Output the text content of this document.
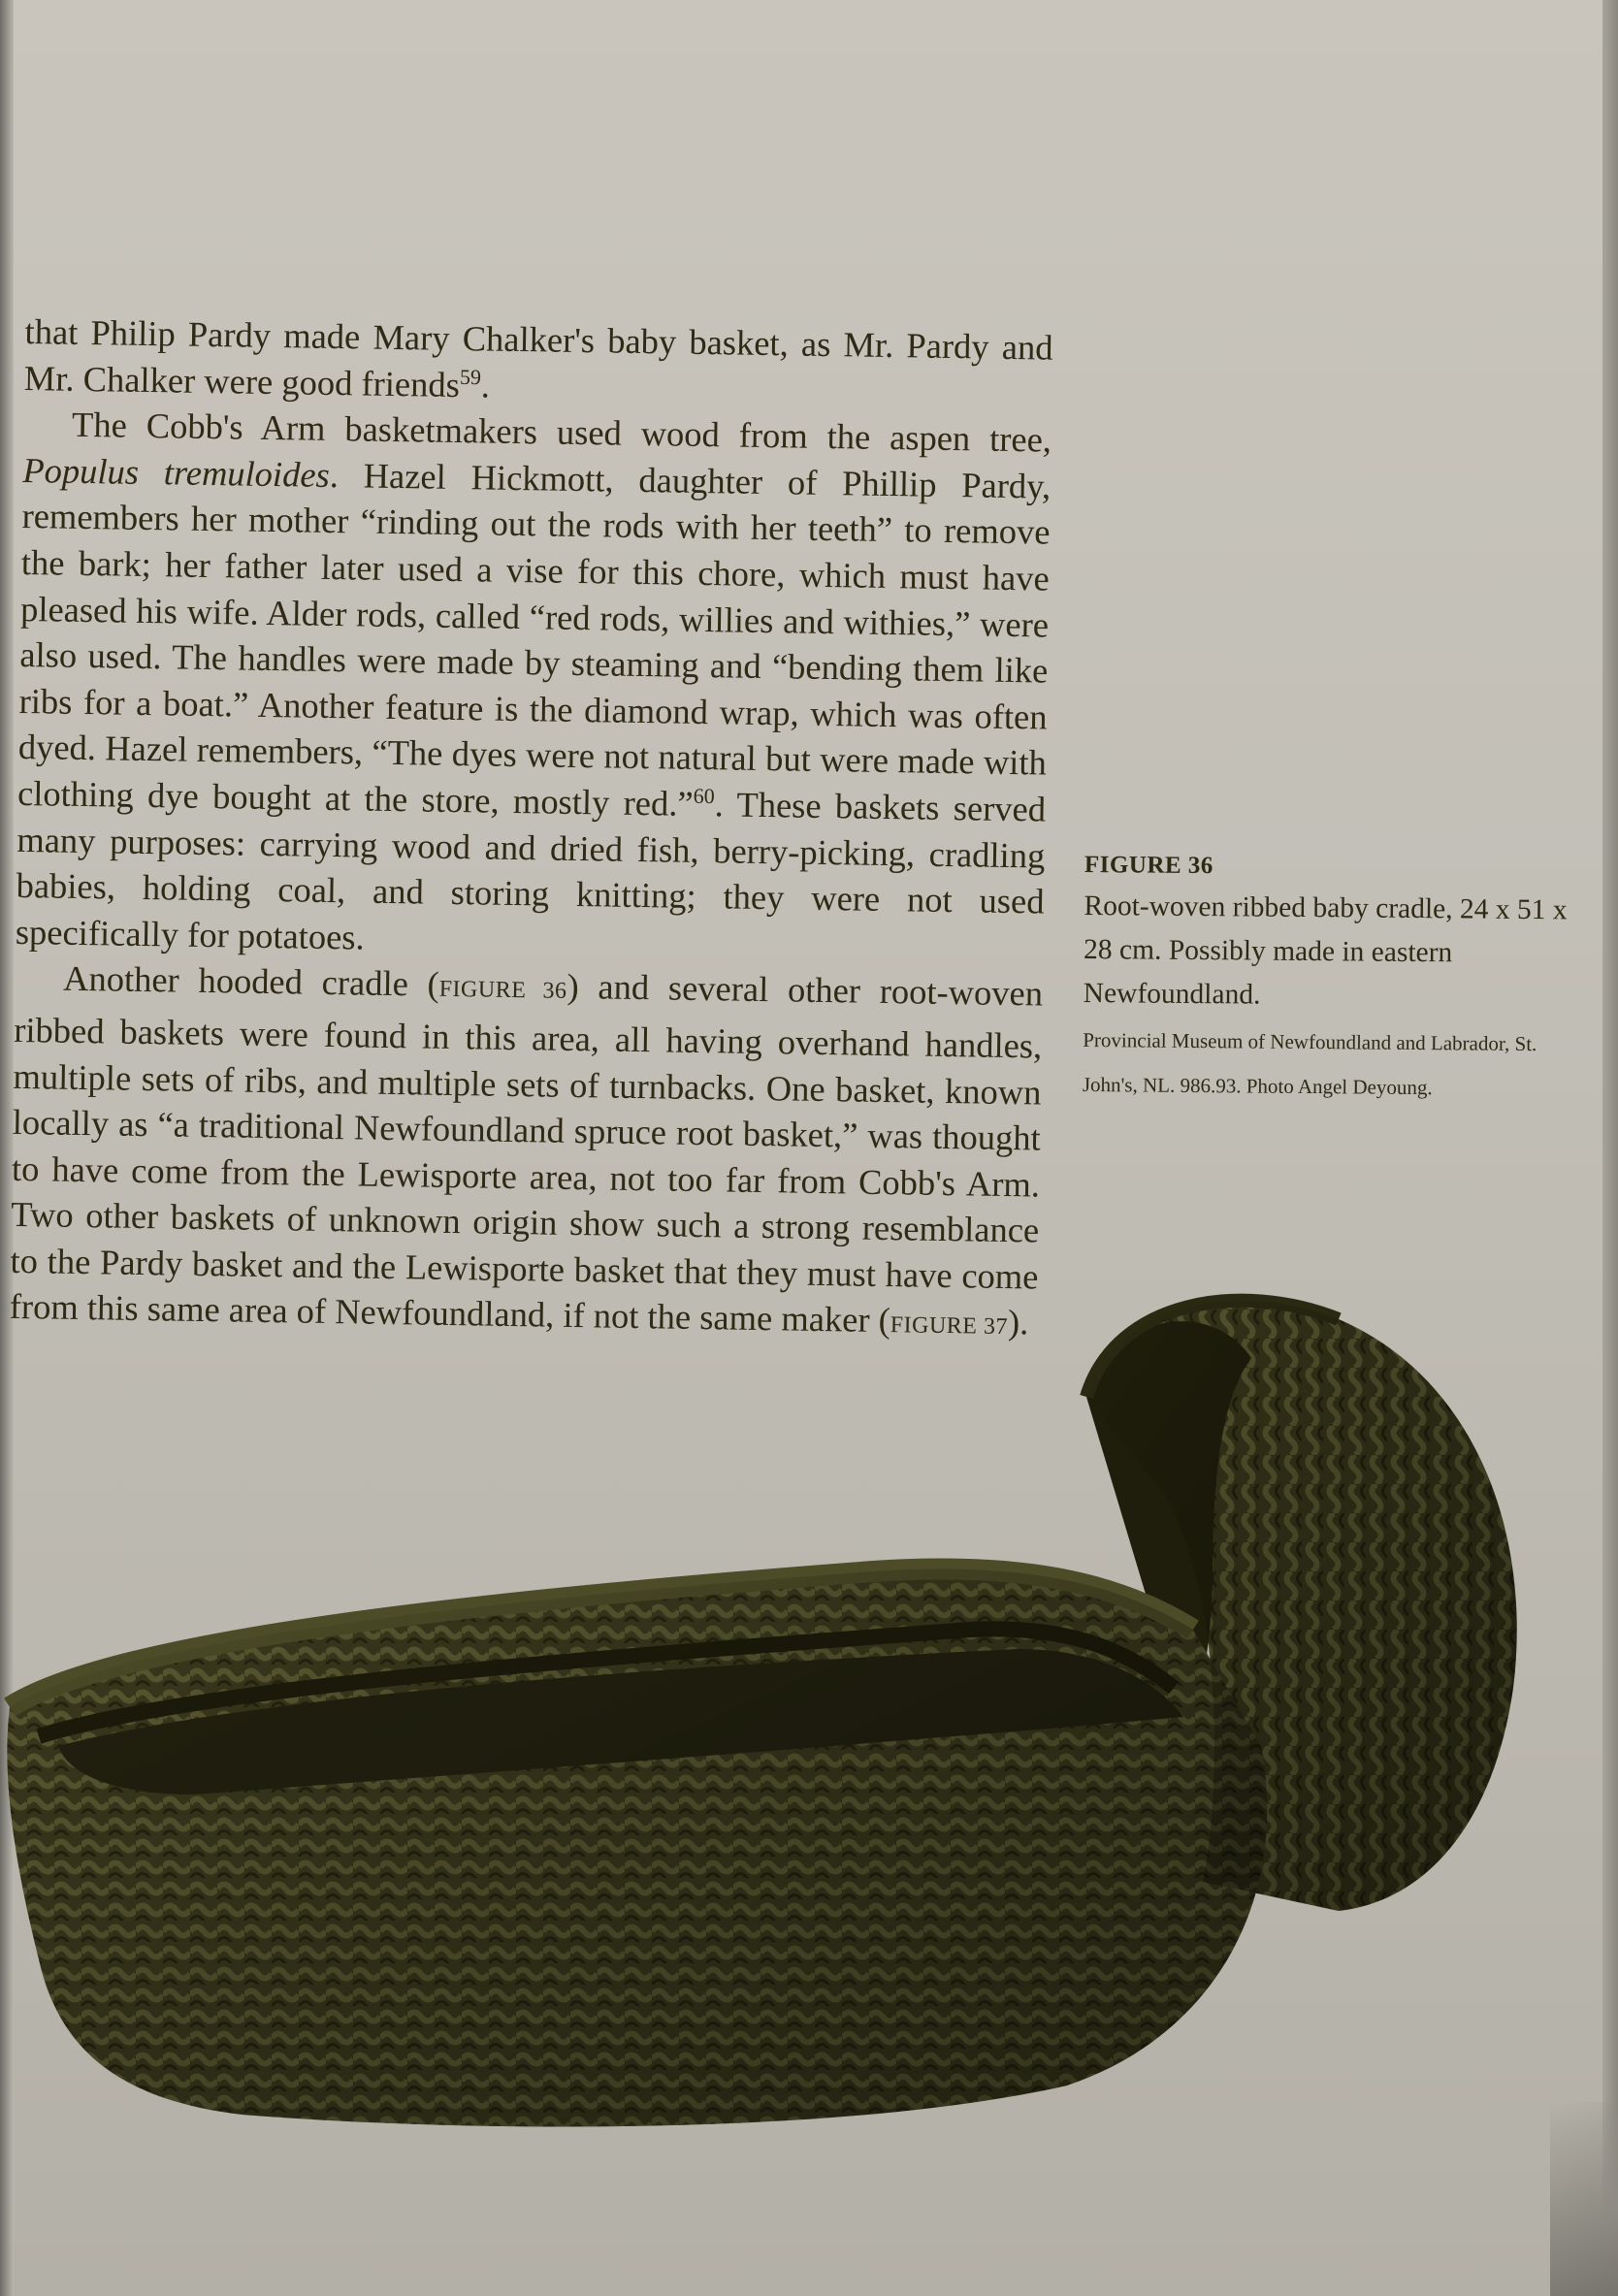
that Philip Pardy made Mary Chalker's baby basket, as Mr. Pardy and Mr. Chalker were good friends$^{59}$.

The Cobb's Arm basketmakers used wood from the aspen tree, Populus tremuloides. Hazel Hickmott, daughter of Phillip Pardy, remembers her mother “rinding out the rods with her teeth” to remove the bark; her father later used a vise for this chore, which must have pleased his wife. Alder rods, called “red rods, willies and withies,” were also used. The handles were made by steaming and “bending them like ribs for a boat.” Another feature is the diamond wrap, which was often dyed. Hazel remembers, “The dyes were not natural but were made with clothing dye bought at the store, mostly red.”$^{60}$. These baskets served many purposes: carrying wood and dried fish, berry-picking, cradling babies, holding coal, and storing knitting; they were not used specifically for potatoes.

Another hooded cradle (FIGURE 36) and several other root-woven ribbed baskets were found in this area, all having overhand handles, multiple sets of ribs, and multiple sets of turnbacks. One basket, known locally as “a traditional Newfoundland spruce root basket,” was thought to have come from the Lewisporte area, not too far from Cobb's Arm. Two other baskets of unknown origin show such a strong resemblance to the Pardy basket and the Lewisporte basket that they must have come from this same area of Newfoundland, if not the same maker (FIGURE 37).

FIGURE 36
Root-woven ribbed baby cradle, 24 x 51 x 28 cm. Possibly made in eastern Newfoundland.
Provincial Museum of Newfoundland and Labrador, St. John's, NL. 986.93. Photo Angel Deyoung.
